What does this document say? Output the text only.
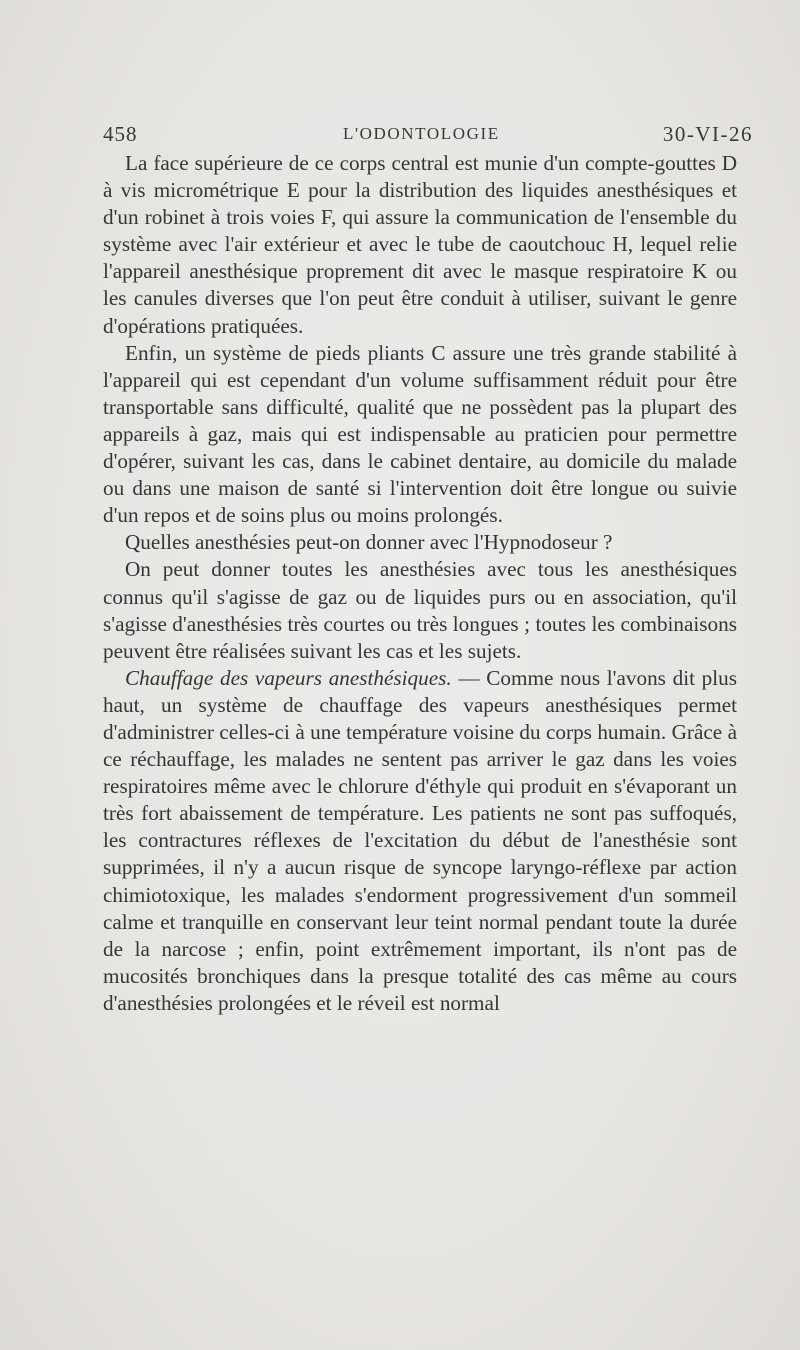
458	L'ODONTOLOGIE	30-VI-26

La face supérieure de ce corps central est munie d'un compte-gouttes D à vis micrométrique E pour la distribution des liquides anesthésiques et d'un robinet à trois voies F, qui assure la communication de l'ensemble du système avec l'air extérieur et avec le tube de caoutchouc H, lequel relie l'appareil anesthésique proprement dit avec le masque respiratoire K ou les canules diverses que l'on peut être conduit à utiliser, suivant le genre d'opérations pratiquées.

Enfin, un système de pieds pliants C assure une très grande stabilité à l'appareil qui est cependant d'un volume suffisamment réduit pour être transportable sans difficulté, qualité que ne possèdent pas la plupart des appareils à gaz, mais qui est indispensable au praticien pour permettre d'opérer, suivant les cas, dans le cabinet dentaire, au domicile du malade ou dans une maison de santé si l'intervention doit être longue ou suivie d'un repos et de soins plus ou moins prolongés.

Quelles anesthésies peut-on donner avec l'Hypnodoseur ?

On peut donner toutes les anesthésies avec tous les anesthésiques connus qu'il s'agisse de gaz ou de liquides purs ou en association, qu'il s'agisse d'anesthésies très courtes ou très longues ; toutes les combinaisons peuvent être réalisées suivant les cas et les sujets.

Chauffage des vapeurs anesthésiques. — Comme nous l'avons dit plus haut, un système de chauffage des vapeurs anesthésiques permet d'administrer celles-ci à une température voisine du corps humain. Grâce à ce réchauffage, les malades ne sentent pas arriver le gaz dans les voies respiratoires même avec le chlorure d'éthyle qui produit en s'évaporant un très fort abaissement de température. Les patients ne sont pas suffoqués, les contractures réflexes de l'excitation du début de l'anesthésie sont supprimées, il n'y a aucun risque de syncope laryngo-réflexe par action chimiotoxique, les malades s'endorment progressivement d'un sommeil calme et tranquille en conservant leur teint normal pendant toute la durée de la narcose ; enfin, point extrêmement important, ils n'ont pas de mucosités bronchiques dans la presque totalité des cas même au cours d'anesthésies prolongées et le réveil est normal
